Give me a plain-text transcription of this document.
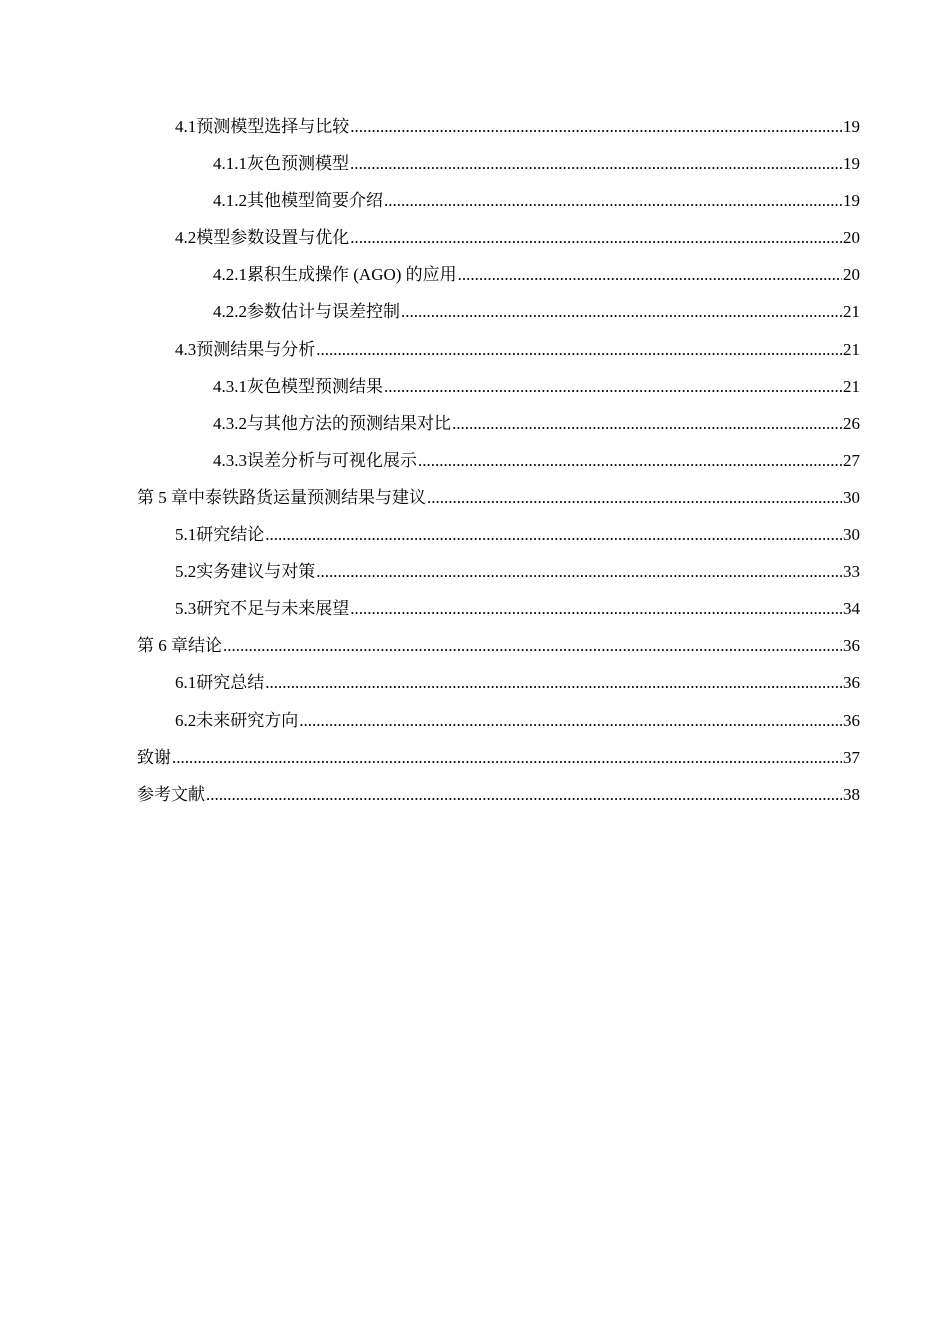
4.1 预测模型选择与比较 .....	19
4.1.1 灰色预测模型 .....	19
4.1.2 其他模型简要介绍 .....	19
4.2 模型参数设置与优化 .....	20
4.2.1 累积生成操作 (AGO) 的应用 .....	20
4.2.2 参数估计与误差控制 .....	21
4.3 预测结果与分析 .....	21
4.3.1 灰色模型预测结果 .....	21
4.3.2 与其他方法的预测结果对比 .....	26
4.3.3 误差分析与可视化展示 .....	27
第 5 章 中泰铁路货运量预测结果与建议 .....	30
5.1 研究结论 .....	30
5.2 实务建议与对策 .....	33
5.3 研究不足与未来展望 .....	34
第 6 章 结论 .....	36
6.1 研究总结 .....	36
6.2 未来研究方向 .....	36
致谢 .....	37
参考文献 .....	38
